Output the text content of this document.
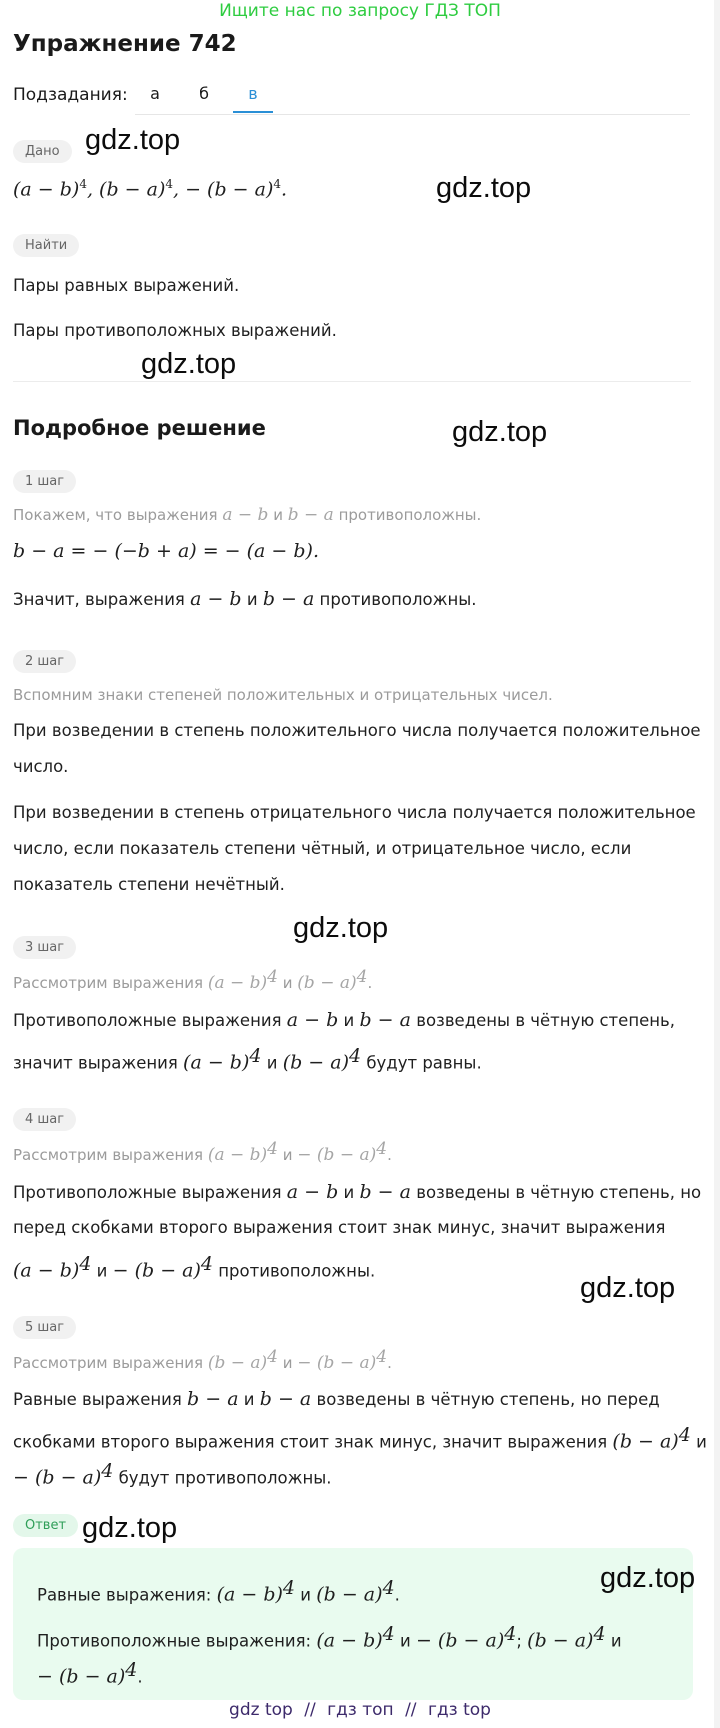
Ищите нас по запросу ГДЗ ТОП
Упражнение 742
Подзадания:	а	б	в
Дано
$(a - b)^4$, $(b - a)^4$, − $(b - a)^4$.
Найти
Пары равных выражений.
Пары противоположных выражений.
Подробное решение
1 шаг
Покажем, что выражения a − b и b − a противоположны.
b − a = − (−b + a) = − (a − b).
Значит, выражения a − b и b − a противоположны.
2 шаг
Вспомним знаки степеней положительных и отрицательных чисел.
При возведении в степень положительного числа получается положительное
число.
При возведении в степень отрицательного числа получается положительное
число, если показатель степени чётный, и отрицательное число, если
показатель степени нечётный.
3 шаг
Рассмотрим выражения $(a - b)^4$ и $(b - a)^4$.
Противоположные выражения a − b и b − a возведены в чётную степень,
значит выражения $(a - b)^4$ и $(b - a)^4$ будут равны.
4 шаг
Рассмотрим выражения $(a - b)^4$ $и - (b - a)^4$.
Противоположные выражения a − b и b − a возведены в чётную степень, но
перед скобками второго выражения стоит знак минус, значит выражения
$(a - b)^4$ $и - (b - a)^4$ противоположны.
5 шаг
Рассмотрим выражения $(b - a)^4$ $и - (b - a)^4$.
Равные выражения b − a и b − a возведены в чётную степень, но перед
скобками второго выражения стоит знак минус, значит выражения $(b - a)^4$ и
− $(b - a)^4$ будут противоположны.
Ответ
Равные выражения: $(a - b)^4$ и $(b - a)^4$.
Противоположные выражения: $(a - b)^4$ $и - (b - a)^4$; $(b - a)^4$ и
− $(b - a)^4$.
gdz.top
gdz.top
gdz.top
gdz.top
gdz.top
gdz.top
gdz.top
gdz.top
gdz top // гдз топ // гдз top
